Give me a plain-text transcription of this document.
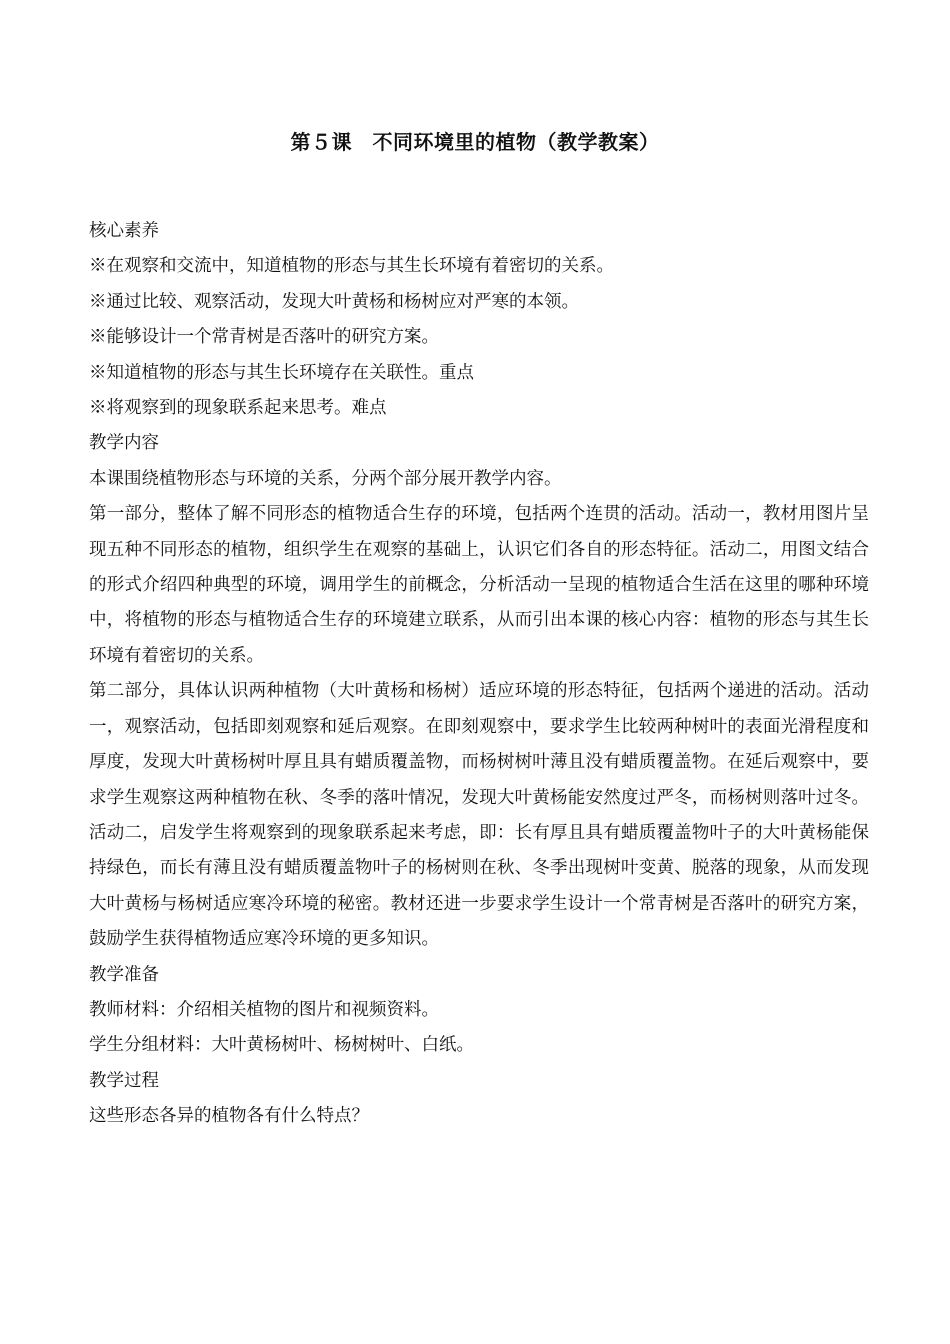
第５课　不同环境里的植物（教学教案）

核心素养

※在观察和交流中，知道植物的形态与其生长环境有着密切的关系。

※通过比较、观察活动，发现大叶黄杨和杨树应对严寒的本领。

※能够设计一个常青树是否落叶的研究方案。

※知道植物的形态与其生长环境存在关联性。重点

※将观察到的现象联系起来思考。难点

教学内容

本课围绕植物形态与环境的关系，分两个部分展开教学内容。

第一部分，整体了解不同形态的植物适合生存的环境，包括两个连贯的活动。活动一，教材用图片呈现五种不同形态的植物，组织学生在观察的基础上，认识它们各自的形态特征。活动二，用图文结合的形式介绍四种典型的环境，调用学生的前概念，分析活动一呈现的植物适合生活在这里的哪种环境中，将植物的形态与植物适合生存的环境建立联系，从而引出本课的核心内容：植物的形态与其生长环境有着密切的关系。

第二部分，具体认识两种植物（大叶黄杨和杨树）适应环境的形态特征，包括两个递进的活动。活动一，观察活动，包括即刻观察和延后观察。在即刻观察中，要求学生比较两种树叶的表面光滑程度和厚度，发现大叶黄杨树叶厚且具有蜡质覆盖物，而杨树树叶薄且没有蜡质覆盖物。在延后观察中，要求学生观察这两种植物在秋、冬季的落叶情况，发现大叶黄杨能安然度过严冬，而杨树则落叶过冬。活动二，启发学生将观察到的现象联系起来考虑，即：长有厚且具有蜡质覆盖物叶子的大叶黄杨能保持绿色，而长有薄且没有蜡质覆盖物叶子的杨树则在秋、冬季出现树叶变黄、脱落的现象，从而发现大叶黄杨与杨树适应寒冷环境的秘密。教材还进一步要求学生设计一个常青树是否落叶的研究方案，鼓励学生获得植物适应寒冷环境的更多知识。

教学准备

教师材料：介绍相关植物的图片和视频资料。

学生分组材料：大叶黄杨树叶、杨树树叶、白纸。

教学过程

这些形态各异的植物各有什么特点？
